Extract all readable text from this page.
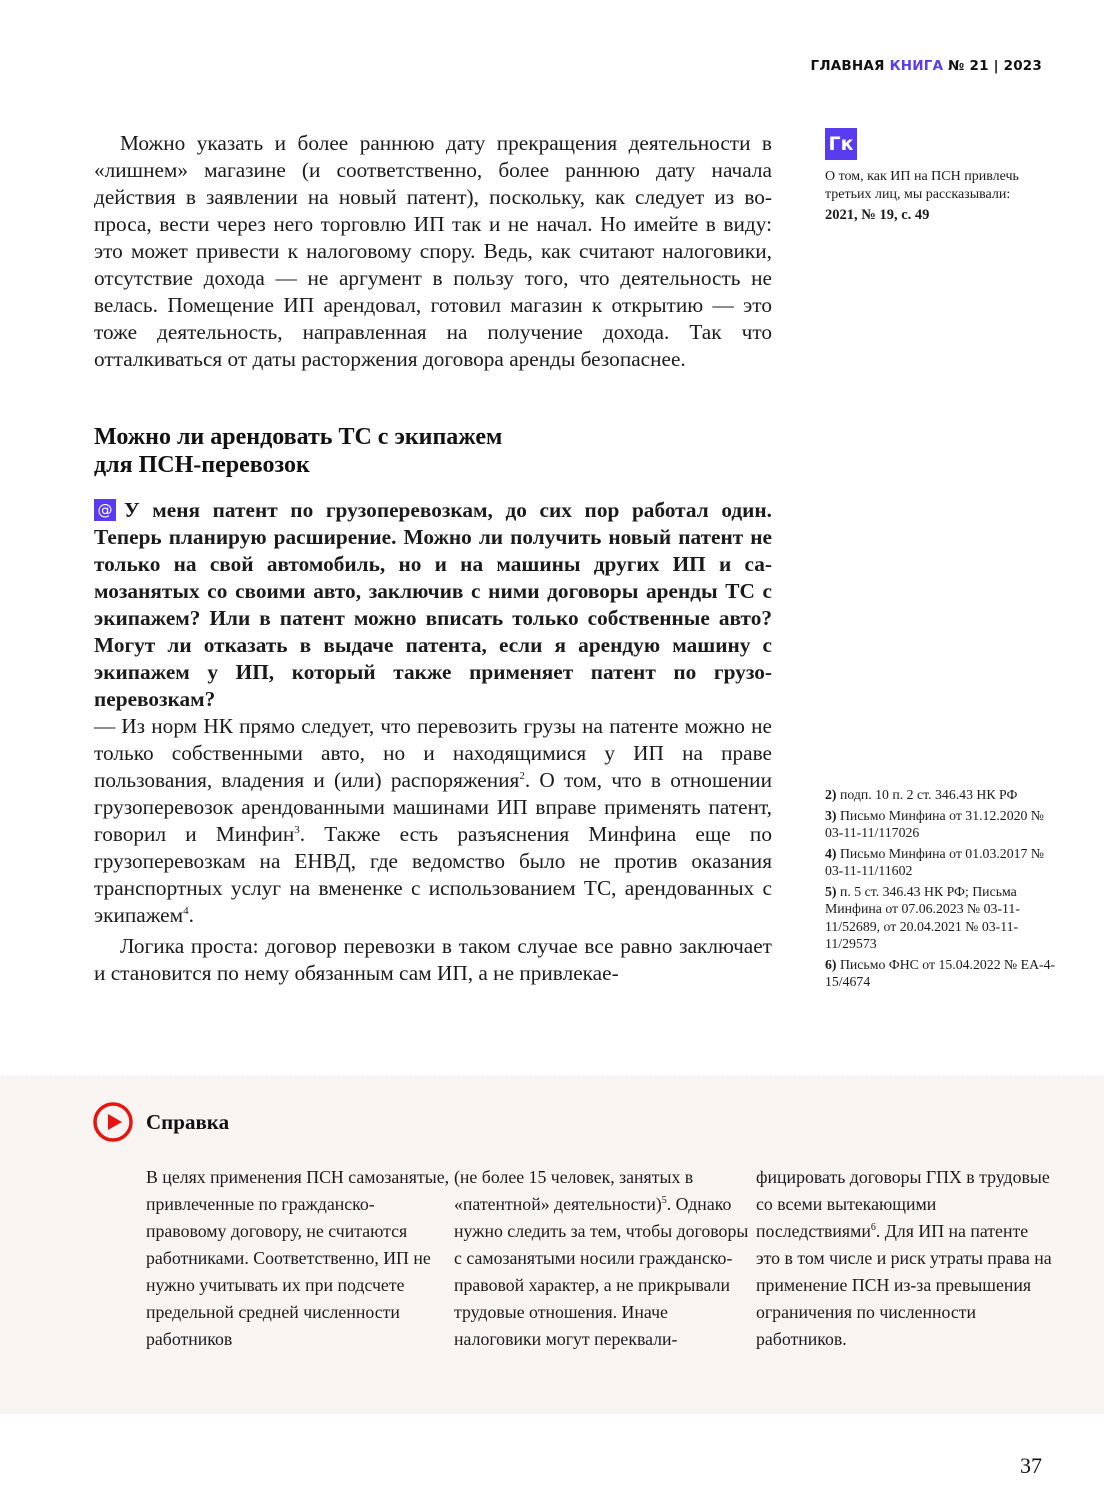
ГЛАВНАЯ КНИГА № 21 | 2023

Можно указать и более раннюю дату прекращения деятельности в «лишнем» магазине (и соответственно, более раннюю дату начала действия в заявлении на новый патент), поскольку, как следует из вопроса, вести через него торговлю ИП так и не начал. Но имейте в виду: это может привести к налоговому спору. Ведь, как считают налоговики, отсутствие дохода — не аргумент в пользу того, что деятельность не велась. Помещение ИП арендовал, готовил магазин к открытию — это тоже деятельность, направленная на получение дохода. Так что отталкиваться от даты расторжения договора аренды безопаснее.

Можно ли арендовать ТС с экипажем
для ПСН-перевозок

@ У меня патент по грузоперевозкам, до сих пор работал один. Теперь планирую расширение. Можно ли получить новый патент не только на свой автомобиль, но и на машины других ИП и самозанятых со своими авто, заключив с ними договоры аренды ТС с экипажем? Или в патент можно вписать только собственные авто? Могут ли отказать в выдаче патента, если я арендую машину с экипажем у ИП, который также применяет патент по грузоперевозкам?

— Из норм НК прямо следует, что перевозить грузы на патенте можно не только собственными авто, но и находящимися у ИП на праве пользования, владения и (или) распоряжения$^2$. О том, что в отношении грузоперевозок арендованными машинами ИП вправе применять патент, говорил и Минфин$^3$. Также есть разъяснения Минфина еще по грузоперевозкам на ЕНВД, где ведомство было не против оказания транспортных услуг на вмененке с использованием ТС, арендованных с экипажем$^4$.

Логика проста: договор перевозки в таком случае все равно заключает и становится по нему обязанным сам ИП, а не привлекае-

Гк
О том, как ИП на ПСН привлечь третьих лиц, мы рассказывали:
2021, № 19, с. 49
2) подп. 10 п. 2 ст. 346.43 НК РФ
3) Письмо Минфина от 31.12.2020 № 03-11-11/117026
4) Письмо Минфина от 01.03.2017 № 03-11-11/11602
5) п. 5 ст. 346.43 НК РФ; Письма Минфина от 07.06.2023 № 03-11-11/52689, от 20.04.2021 № 03-11-11/29573
6) Письмо ФНС от 15.04.2022 № ЕА-4-15/4674
Справка
В целях применения ПСН самозанятые, привлеченные по гражданско-правовому договору, не считаются работниками. Соответственно, ИП не нужно учитывать их при подсчете предельной средней численности работников
(не более 15 человек, занятых в «патентной» деятельности)$^5$. Однако нужно следить за тем, чтобы договоры с самозанятыми носили гражданско-правовой характер, а не прикрывали трудовые отношения. Иначе налоговики могут переквали-
фицировать договоры ГПХ в трудовые со всеми вытекающими последствиями$^6$. Для ИП на патенте это в том числе и риск утраты права на применение ПСН из-за превышения ограничения по численности работников.
37
